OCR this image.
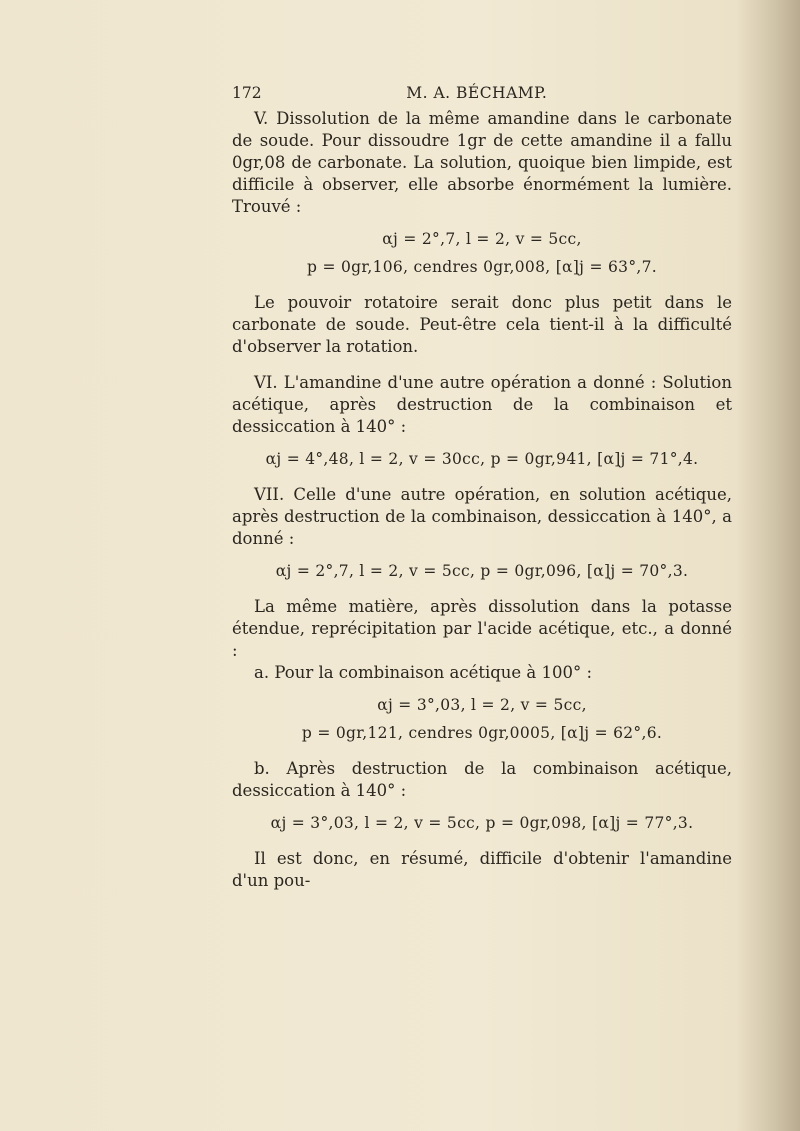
172	M. A. BÉCHAMP.

V. Dissolution de la même amandine dans le carbonate de soude. Pour dissoudre 1gr de cette amandine il a fallu 0gr,08 de carbonate. La solution, quoique bien limpide, est difficile à observer, elle absorbe énormément la lumière. Trouvé :

αj = 2°,7, l = 2, v = 5cc,
p = 0gr,106, cendres 0gr,008, [α]j = 63°,7.

Le pouvoir rotatoire serait donc plus petit dans le carbonate de soude. Peut-être cela tient-il à la difficulté d'observer la rotation.

VI. L'amandine d'une autre opération a donné : Solution acétique, après destruction de la combinaison et dessiccation à 140° :

αj = 4°,48, l = 2, v = 30cc, p = 0gr,941, [α]j = 71°,4.

VII. Celle d'une autre opération, en solution acétique, après destruction de la combinaison, dessiccation à 140°, a donné :

αj = 2°,7, l = 2, v = 5cc, p = 0gr,096, [α]j = 70°,3.

La même matière, après dissolution dans la potasse étendue, reprécipitation par l'acide acétique, etc., a donné :

a. Pour la combinaison acétique à 100° :

αj = 3°,03, l = 2, v = 5cc,
p = 0gr,121, cendres 0gr,0005, [α]j = 62°,6.

b. Après destruction de la combinaison acétique, dessiccation à 140° :

αj = 3°,03, l = 2, v = 5cc, p = 0gr,098, [α]j = 77°,3.

Il est donc, en résumé, difficile d'obtenir l'amandine d'un pou-
